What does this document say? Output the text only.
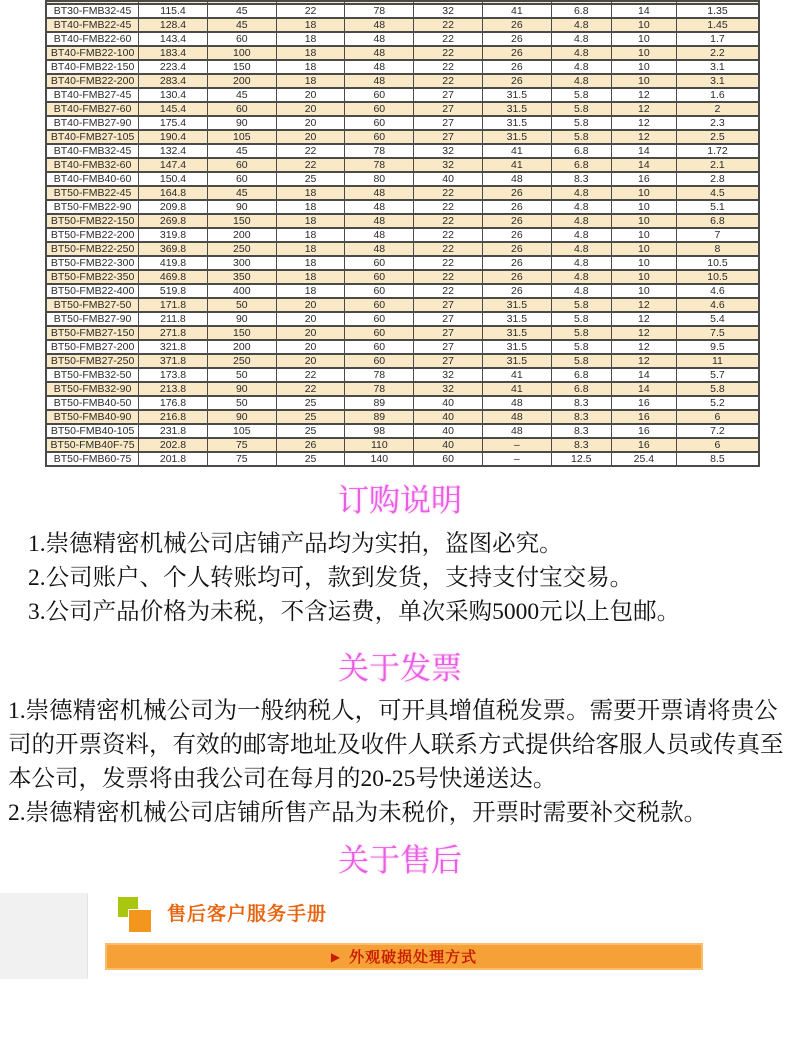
BT30-FMB32-45	115.4	45	22	78	32	41	6.8	14	1.35
BT40-FMB22-45	128.4	45	18	48	22	26	4.8	10	1.45
BT40-FMB22-60	143.4	60	18	48	22	26	4.8	10	1.7
BT40-FMB22-100	183.4	100	18	48	22	26	4.8	10	2.2
BT40-FMB22-150	223.4	150	18	48	22	26	4.8	10	3.1
BT40-FMB22-200	283.4	200	18	48	22	26	4.8	10	3.1
BT40-FMB27-45	130.4	45	20	60	27	31.5	5.8	12	1.6
BT40-FMB27-60	145.4	60	20	60	27	31.5	5.8	12	2
BT40-FMB27-90	175.4	90	20	60	27	31.5	5.8	12	2.3
BT40-FMB27-105	190.4	105	20	60	27	31.5	5.8	12	2.5
BT40-FMB32-45	132.4	45	22	78	32	41	6.8	14	1.72
BT40-FMB32-60	147.4	60	22	78	32	41	6.8	14	2.1
BT40-FMB40-60	150.4	60	25	80	40	48	8.3	16	2.8
BT50-FMB22-45	164.8	45	18	48	22	26	4.8	10	4.5
BT50-FMB22-90	209.8	90	18	48	22	26	4.8	10	5.1
BT50-FMB22-150	269.8	150	18	48	22	26	4.8	10	6.8
BT50-FMB22-200	319.8	200	18	48	22	26	4.8	10	7
BT50-FMB22-250	369.8	250	18	48	22	26	4.8	10	8
BT50-FMB22-300	419.8	300	18	60	22	26	4.8	10	10.5
BT50-FMB22-350	469.8	350	18	60	22	26	4.8	10	10.5
BT50-FMB22-400	519.8	400	18	60	22	26	4.8	10	4.6
BT50-FMB27-50	171.8	50	20	60	27	31.5	5.8	12	4.6
BT50-FMB27-90	211.8	90	20	60	27	31.5	5.8	12	5.4
BT50-FMB27-150	271.8	150	20	60	27	31.5	5.8	12	7.5
BT50-FMB27-200	321.8	200	20	60	27	31.5	5.8	12	9.5
BT50-FMB27-250	371.8	250	20	60	27	31.5	5.8	12	11
BT50-FMB32-50	173.8	50	22	78	32	41	6.8	14	5.7
BT50-FMB32-90	213.8	90	22	78	32	41	6.8	14	5.8
BT50-FMB40-50	176.8	50	25	89	40	48	8.3	16	5.2
BT50-FMB40-90	216.8	90	25	89	40	48	8.3	16	6
BT50-FMB40-105	231.8	105	25	98	40	48	8.3	16	7.2
BT50-FMB40F-75	202.8	75	26	110	40	–	8.3	16	6
BT50-FMB60-75	201.8	75	25	140	60	–	12.5	25.4	8.5
订购说明
1.崇德精密机械公司店铺产品均为实拍，盗图必究。
2.公司账户、个人转账均可，款到发货，支持支付宝交易。
3.公司产品价格为未税，不含运费，单次采购5000元以上包邮。
关于发票
1.崇德精密机械公司为一般纳税人，可开具增值税发票。需要开票请将贵公司的开票资料，有效的邮寄地址及收件人联系方式提供给客服人员或传真至本公司，发票将由我公司在每月的20-25号快递送达。
2.崇德精密机械公司店铺所售产品为未税价，开票时需要补交税款。
关于售后
售后客户服务手册
▶ 外观破损处理方式
